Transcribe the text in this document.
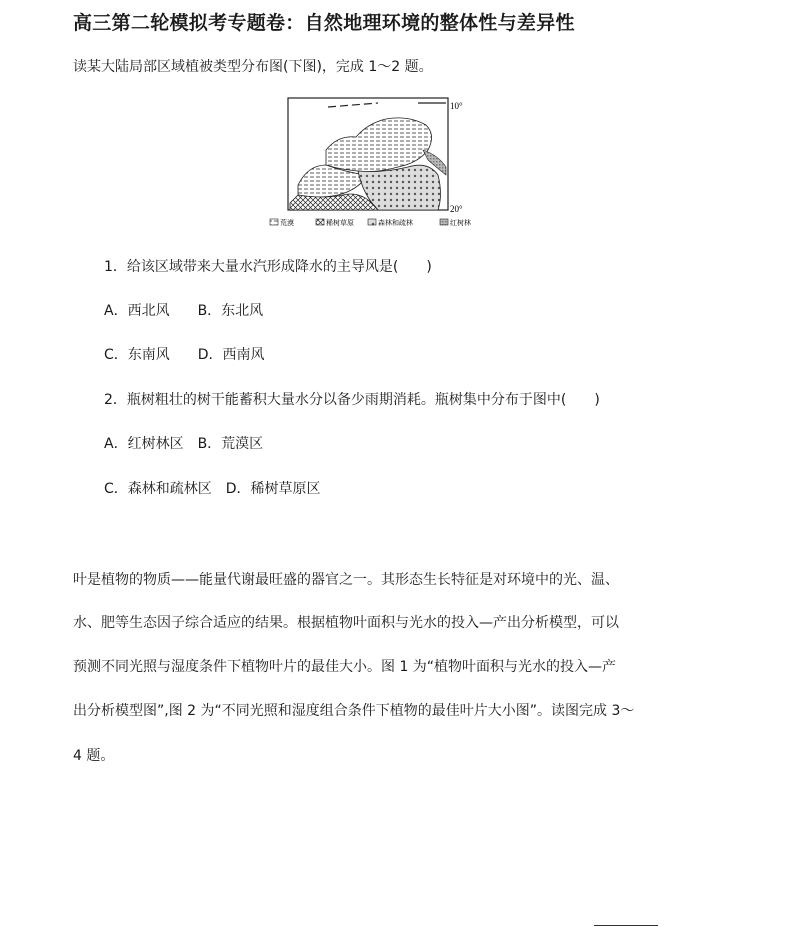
高三第二轮模拟考专题卷：自然地理环境的整体性与差异性
读某大陆局部区域植被类型分布图(下图)，完成 1～2 题。
10°
20°
荒漠	稀树草原	森林和疏林	红树林
1．给该区域带来大量水汽形成降水的主导风是(　　)
A．西北风　　B．东北风
C．东南风　　D．西南风
2．瓶树粗壮的树干能蓄积大量水分以备少雨期消耗。瓶树集中分布于图中(　　)
A．红树林区　B．荒漠区
C．森林和疏林区　D．稀树草原区
叶是植物的物质——能量代谢最旺盛的器官之一。其形态生长特征是对环境中的光、温、
水、肥等生态因子综合适应的结果。根据植物叶面积与光水的投入—产出分析模型，可以
预测不同光照与湿度条件下植物叶片的最佳大小。图 1 为“植物叶面积与光水的投入—产
出分析模型图”,图 2 为“不同光照和湿度组合条件下植物的最佳叶片大小图”。读图完成 3～
4 题。
